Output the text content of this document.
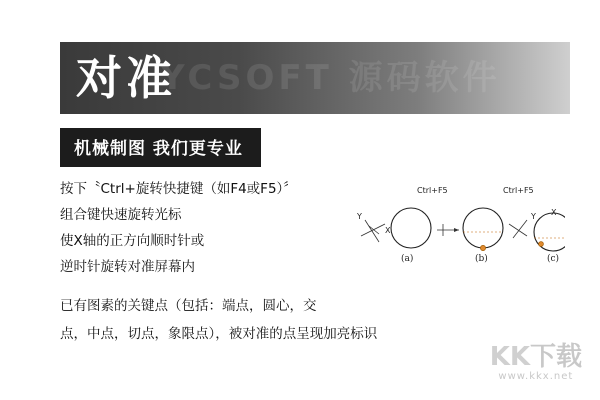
YCSOFT 源码软件
对准
机械制图 我们更专业
按下〝Ctrl+旋转快捷键（如F4或F5）〞
组合键快速旋转光标
使X轴的正方向顺时针或
逆时针旋转对准屏幕内
已有图素的关键点（包括：端点，圆心，交
点，中点，切点，象限点），被对准的点呈现加亮标识
Ctrl+F5	Ctrl+F5
Y
X
Y X
(a)	(b)	(c)
KK下载
www.kkx.net
